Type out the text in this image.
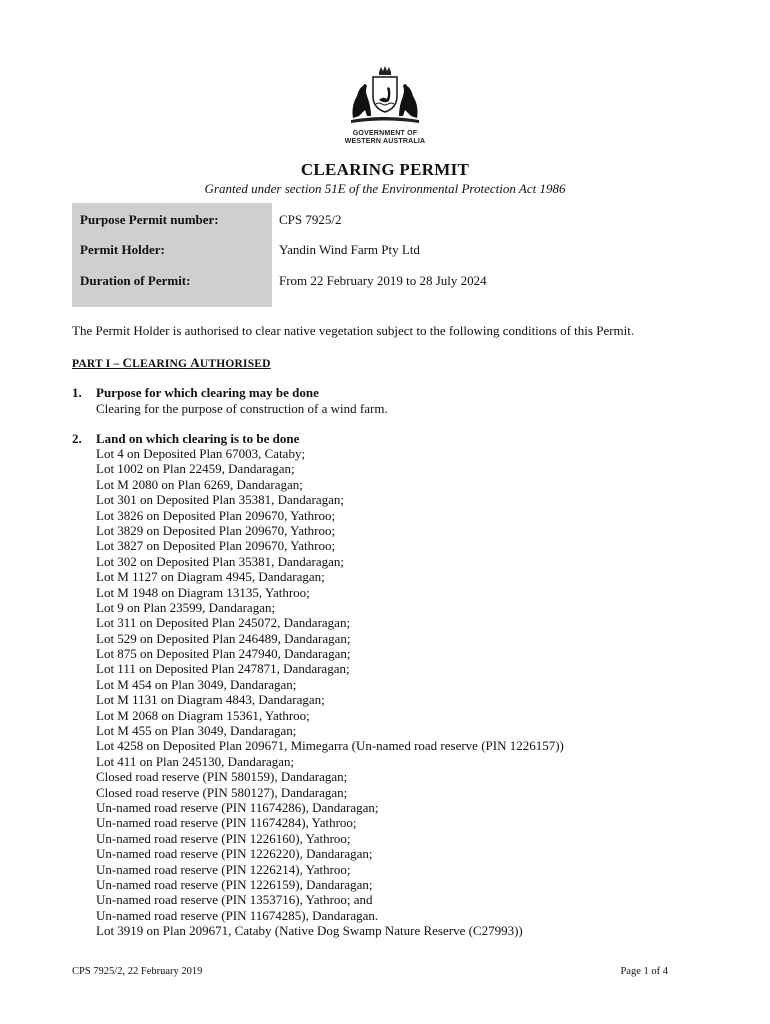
GOVERNMENT OF
WESTERN AUSTRALIA
CLEARING PERMIT
Granted under section 51E of the Environmental Protection Act 1986
Purpose Permit number:	CPS 7925/2
Permit Holder:	Yandin Wind Farm Pty Ltd
Duration of Permit:	From 22 February 2019 to 28 July 2024
The Permit Holder is authorised to clear native vegetation subject to the following conditions of this Permit.
PART I – CLEARING AUTHORISED
1. Purpose for which clearing may be done
Clearing for the purpose of construction of a wind farm.
2. Land on which clearing is to be done
Lot 4 on Deposited Plan 67003, Cataby;
Lot 1002 on Plan 22459, Dandaragan;
Lot M 2080 on Plan 6269, Dandaragan;
Lot 301 on Deposited Plan 35381, Dandaragan;
Lot 3826 on Deposited Plan 209670, Yathroo;
Lot 3829 on Deposited Plan 209670, Yathroo;
Lot 3827 on Deposited Plan 209670, Yathroo;
Lot 302 on Deposited Plan 35381, Dandaragan;
Lot M 1127 on Diagram 4945, Dandaragan;
Lot M 1948 on Diagram 13135, Yathroo;
Lot 9 on Plan 23599, Dandaragan;
Lot 311 on Deposited Plan 245072, Dandaragan;
Lot 529 on Deposited Plan 246489, Dandaragan;
Lot 875 on Deposited Plan 247940, Dandaragan;
Lot 111 on Deposited Plan 247871, Dandaragan;
Lot M 454 on Plan 3049, Dandaragan;
Lot M 1131 on Diagram 4843, Dandaragan;
Lot M 2068 on Diagram 15361, Yathroo;
Lot M 455 on Plan 3049, Dandaragan;
Lot 4258 on Deposited Plan 209671, Mimegarra (Un-named road reserve (PIN 1226157))
Lot 411 on Plan 245130, Dandaragan;
Closed road reserve (PIN 580159), Dandaragan;
Closed road reserve (PIN 580127), Dandaragan;
Un-named road reserve (PIN 11674286), Dandaragan;
Un-named road reserve (PIN 11674284), Yathroo;
Un-named road reserve (PIN 1226160), Yathroo;
Un-named road reserve (PIN 1226220), Dandaragan;
Un-named road reserve (PIN 1226214), Yathroo;
Un-named road reserve (PIN 1226159), Dandaragan;
Un-named road reserve (PIN 1353716), Yathroo; and
Un-named road reserve (PIN 11674285), Dandaragan.
Lot 3919 on Plan 209671, Cataby (Native Dog Swamp Nature Reserve (C27993))
CPS 7925/2, 22 February 2019	Page 1 of 4
